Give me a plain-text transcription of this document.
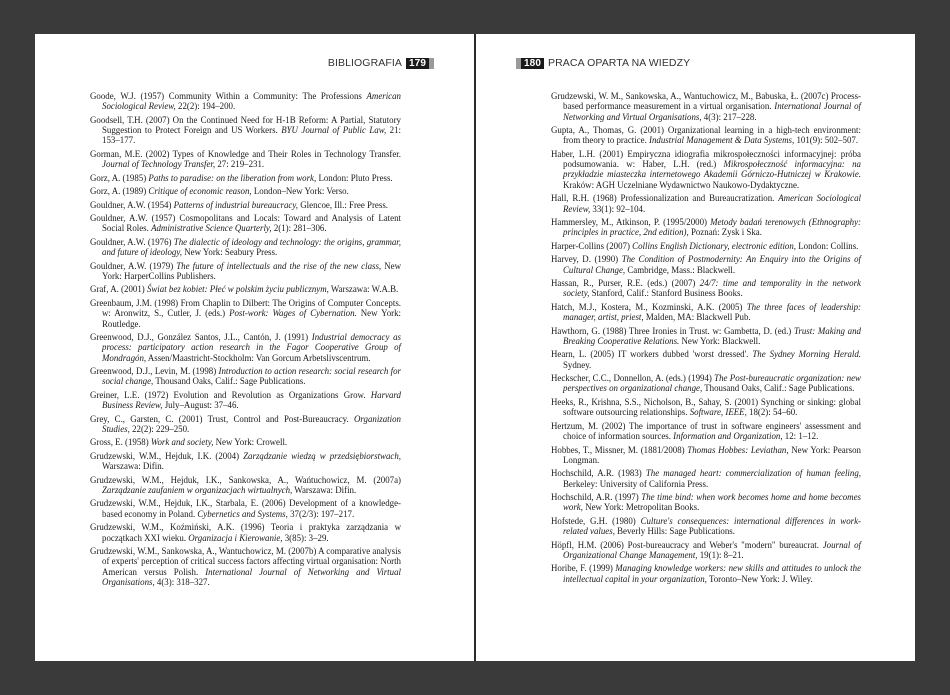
BIBLIOGRAFIA 179

Goode, W.J. (1957) Community Within a Community: The Professions American Sociological Review, 22(2): 194–200.

Goodsell, T.H. (2007) On the Continued Need for H-1B Reform: A Partial, Statutory Suggestion to Protect Foreign and US Workers. BYU Journal of Public Law, 21: 153–177.

Gorman, M.E. (2002) Types of Knowledge and Their Roles in Technology Transfer. Journal of Technology Transfer, 27: 219–231.

Gorz, A. (1985) Paths to paradise: on the liberation from work, London: Pluto Press.

Gorz, A. (1989) Critique of economic reason, London–New York: Verso.

Gouldner, A.W. (1954) Patterns of industrial bureaucracy, Glencoe, Ill.: Free Press.

Gouldner, A.W. (1957) Cosmopolitans and Locals: Toward and Analysis of Latent Social Roles. Administrative Science Quarterly, 2(1): 281–306.

Gouldner, A.W. (1976) The dialectic of ideology and technology: the origins, grammar, and future of ideology, New York: Seabury Press.

Gouldner, A.W. (1979) The future of intellectuals and the rise of the new class, New York: HarperCollins Publishers.

Graf, A. (2001) Świat bez kobiet: Płeć w polskim życiu publicznym, Warszawa: W.A.B.

Greenbaum, J.M. (1998) From Chaplin to Dilbert: The Origins of Computer Concepts. w: Aronwitz, S., Cutler, J. (eds.) Post-work: Wages of Cybernation. New York: Routledge.

Greenwood, D.J., González Santos, J.L., Cantón, J. (1991) Industrial democracy as process: participatory action research in the Fagor Cooperative Group of Mondragón, Assen/Maastricht-Stockholm: Van Gorcum Arbetslivscentrum.

Greenwood, D.J., Levin, M. (1998) Introduction to action research: social research for social change, Thousand Oaks, Calif.: Sage Publications.

Greiner, L.E. (1972) Evolution and Revolution as Organizations Grow. Harvard Business Review, July–August: 37–46.

Grey, C., Garsten, C. (2001) Trust, Control and Post-Bureaucracy. Organization Studies, 22(2): 229–250.

Gross, E. (1958) Work and society, New York: Crowell.

Grudzewski, W.M., Hejduk, I.K. (2004) Zarządzanie wiedzą w przedsiębiorstwach, Warszawa: Difin.

Grudzewski, W.M., Hejduk, I.K., Sankowska, A., Wańtuchowicz, M. (2007a) Zarządzanie zaufaniem w organizacjach wirtualnych, Warszawa: Difin.

Grudzewski, W.M., Hejduk, I.K., Starbala, E. (2006) Development of a knowledge-based economy in Poland. Cybernetics and Systems, 37(2/3): 197–217.

Grudzewski, W.M., Koźmiński, A.K. (1996) Teoria i praktyka zarządzania w początkach XXI wieku. Organizacja i Kierowanie, 3(85): 3–29.

Grudzewski, W.M., Sankowska, A., Wantuchowicz, M. (2007b) A comparative analysis of experts' perception of critical success factors affecting virtual organisation: North American versus Polish. International Journal of Networking and Virtual Organisations, 4(3): 318–327.

180 PRACA OPARTA NA WIEDZY

Grudzewski, W. M., Sankowska, A., Wantuchowicz, M., Babuska, Ł. (2007c) Process-based performance measurement in a virtual organisation. International Journal of Networking and Virtual Organisations, 4(3): 217–228.

Gupta, A., Thomas, G. (2001) Organizational learning in a high-tech environment: from theory to practice. Industrial Management & Data Systems, 101(9): 502–507.

Haber, L.H. (2001) Empiryczna idiografia mikrospołeczności informacyjnej: próba podsumowania. w: Haber, L.H. (red.) Mikrospołeczność informacyjna: na przykładzie miasteczka internetowego Akademii Górniczo-Hutniczej w Krakowie. Kraków: AGH Uczelniane Wydawnictwo Naukowo-Dydaktyczne.

Hall, R.H. (1968) Professionalization and Bureaucratization. American Sociological Review, 33(1): 92–104.

Hammersley, M., Atkinson, P. (1995/2000) Metody badań terenowych (Ethnography: principles in practice, 2nd edition), Poznań: Zysk i Ska.

Harper-Collins (2007) Collins English Dictionary, electronic edition, London: Collins.

Harvey, D. (1990) The Condition of Postmodernity: An Enquiry into the Origins of Cultural Change, Cambridge, Mass.: Blackwell.

Hassan, R., Purser, R.E. (eds.) (2007) 24/7: time and temporality in the network society, Stanford, Calif.: Stanford Business Books.

Hatch, M.J., Kostera, M., Kozminski, A.K. (2005) The three faces of leadership: manager, artist, priest, Malden, MA: Blackwell Pub.

Hawthorn, G. (1988) Three Ironies in Trust. w: Gambetta, D. (ed.) Trust: Making and Breaking Cooperative Relations. New York: Blackwell.

Hearn, L. (2005) IT workers dubbed 'worst dressed'. The Sydney Morning Herald. Sydney.

Heckscher, C.C., Donnellon, A. (eds.) (1994) The Post-bureaucratic organization: new perspectives on organizational change, Thousand Oaks, Calif.: Sage Publications.

Heeks, R., Krishna, S.S., Nicholson, B., Sahay, S. (2001) Synching or sinking: global software outsourcing relationships. Software, IEEE, 18(2): 54–60.

Hertzum, M. (2002) The importance of trust in software engineers' assessment and choice of information sources. Information and Organization, 12: 1–12.

Hobbes, T., Missner, M. (1881/2008) Thomas Hobbes: Leviathan, New York: Pearson Longman.

Hochschild, A.R. (1983) The managed heart: commercialization of human feeling, Berkeley: University of California Press.

Hochschild, A.R. (1997) The time bind: when work becomes home and home becomes work, New York: Metropolitan Books.

Hofstede, G.H. (1980) Culture's consequences: international differences in work-related values, Beverly Hills: Sage Publications.

Höpfl, H.M. (2006) Post-bureaucracy and Weber's "modern" bureaucrat. Journal of Organizational Change Management, 19(1): 8–21.

Horibe, F. (1999) Managing knowledge workers: new skills and attitudes to unlock the intellectual capital in your organization, Toronto–New York: J. Wiley.
